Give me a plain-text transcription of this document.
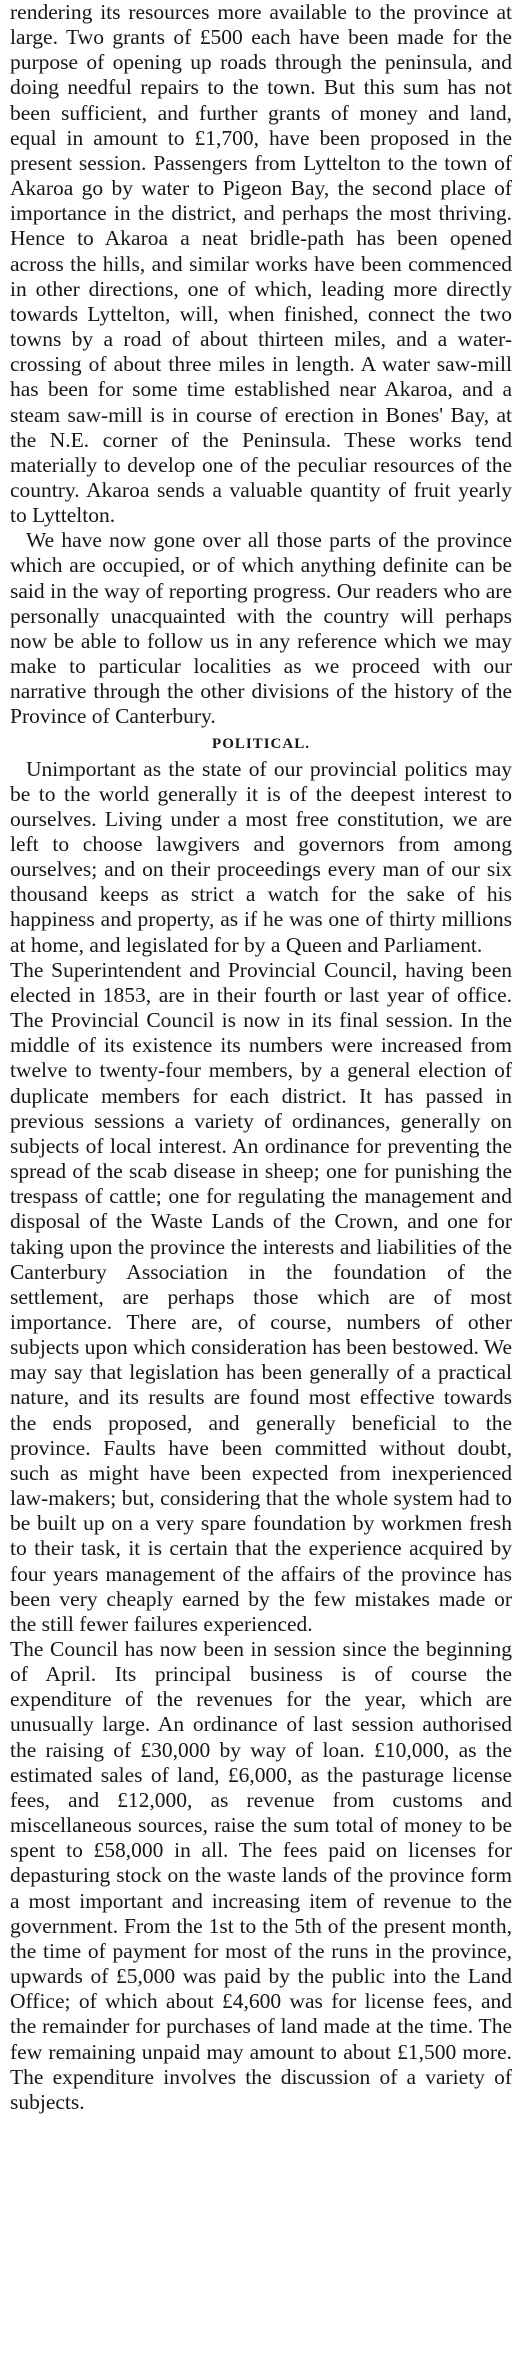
rendering its resources more available to the province at large. Two grants of £500 each have been made for the purpose of opening up roads through the peninsula, and doing needful repairs to the town. But this sum has not been sufficient, and further grants of money and land, equal in amount to £1,700, have been proposed in the present session. Passengers from Lyttelton to the town of Akaroa go by water to Pigeon Bay, the second place of importance in the district, and perhaps the most thriving. Hence to Akaroa a neat bridle-path has been opened across the hills, and similar works have been commenced in other directions, one of which, leading more directly towards Lyttelton, will, when finished, connect the two towns by a road of about thirteen miles, and a water-crossing of about three miles in length. A water saw-mill has been for some time established near Akaroa, and a steam saw-mill is in course of erection in Bones' Bay, at the N.E. corner of the Peninsula. These works tend materially to develop one of the peculiar resources of the country. Akaroa sends a valuable quantity of fruit yearly to Lyttelton.

We have now gone over all those parts of the province which are occupied, or of which anything definite can be said in the way of reporting progress. Our readers who are personally unacquainted with the country will perhaps now be able to follow us in any reference which we may make to particular localities as we proceed with our narrative through the other divisions of the history of the Province of Canterbury.

POLITICAL.

Unimportant as the state of our provincial politics may be to the world generally it is of the deepest interest to ourselves. Living under a most free constitution, we are left to choose lawgivers and governors from among ourselves; and on their proceedings every man of our six thousand keeps as strict a watch for the sake of his happiness and property, as if he was one of thirty millions at home, and legislated for by a Queen and Parliament.

The Superintendent and Provincial Council, having been elected in 1853, are in their fourth or last year of office. The Provincial Council is now in its final session. In the middle of its existence its numbers were increased from twelve to twenty-four members, by a general election of duplicate members for each district. It has passed in previous sessions a variety of ordinances, generally on subjects of local interest. An ordinance for preventing the spread of the scab disease in sheep; one for punishing the trespass of cattle; one for regulating the management and disposal of the Waste Lands of the Crown, and one for taking upon the province the interests and liabilities of the Canterbury Association in the foundation of the settlement, are perhaps those which are of most importance. There are, of course, numbers of other subjects upon which consideration has been bestowed. We may say that legislation has been generally of a practical nature, and its results are found most effective towards the ends proposed, and generally beneficial to the province. Faults have been committed without doubt, such as might have been expected from inexperienced law-makers; but, considering that the whole system had to be built up on a very spare foundation by workmen fresh to their task, it is certain that the experience acquired by four years management of the affairs of the province has been very cheaply earned by the few mistakes made or the still fewer failures experienced.

The Council has now been in session since the beginning of April. Its principal business is of course the expenditure of the revenues for the year, which are unusually large. An ordinance of last session authorised the raising of £30,000 by way of loan. £10,000, as the estimated sales of land, £6,000, as the pasturage license fees, and £12,000, as revenue from customs and miscellaneous sources, raise the sum total of money to be spent to £58,000 in all. The fees paid on licenses for depasturing stock on the waste lands of the province form a most important and increasing item of revenue to the government. From the 1st to the 5th of the present month, the time of payment for most of the runs in the province, upwards of £5,000 was paid by the public into the Land Office; of which about £4,600 was for license fees, and the remainder for purchases of land made at the time. The few remaining unpaid may amount to about £1,500 more. The expenditure involves the discussion of a variety of subjects.
